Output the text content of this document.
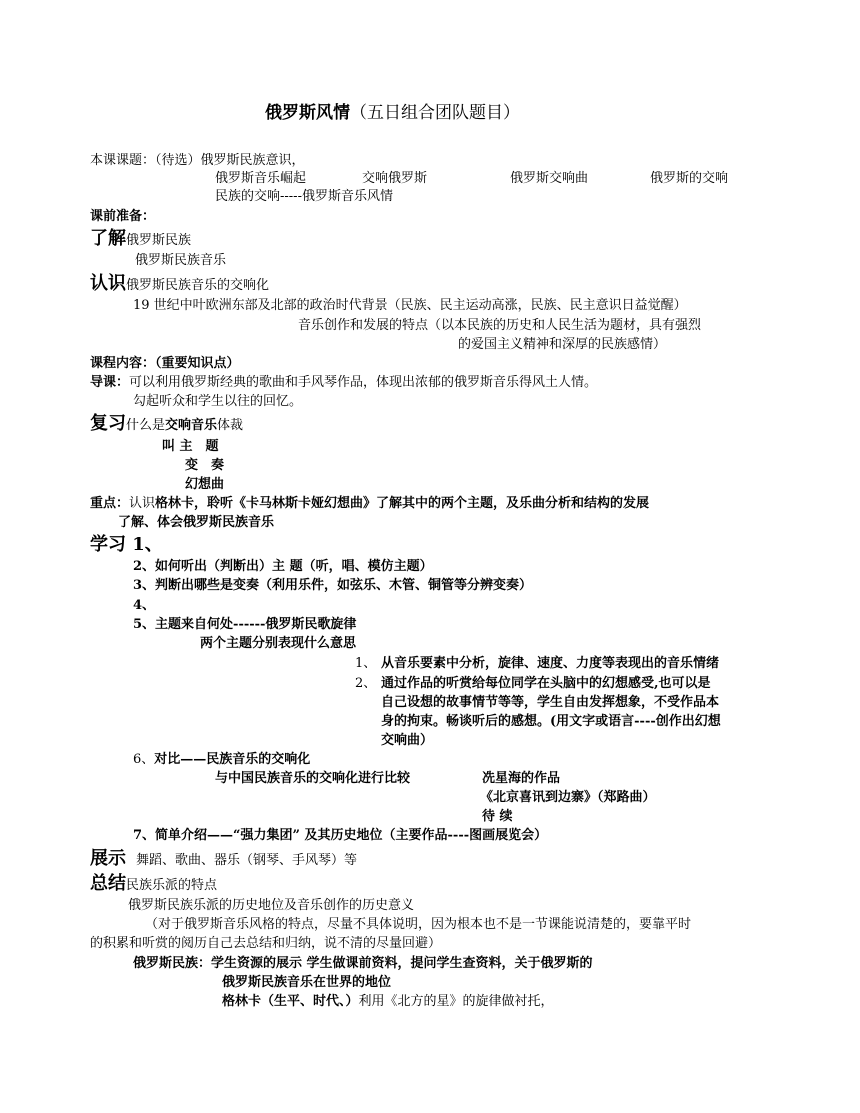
俄罗斯风情（五日组合团队题目）
本课课题：（待选）俄罗斯民族意识，
俄罗斯音乐崛起	交响俄罗斯	俄罗斯交响曲	俄罗斯的交响
民族的交响-----俄罗斯音乐风情
课前准备：
了解俄罗斯民族
俄罗斯民族音乐
认识俄罗斯民族音乐的交响化
19 世纪中叶欧洲东部及北部的政治时代背景（民族、民主运动高涨，民族、民主意识日益觉醒）
音乐创作和发展的特点（以本民族的历史和人民生活为题材，具有强烈
的爱国主义精神和深厚的民族感情）
课程内容：（重要知识点）
导课：可以利用俄罗斯经典的歌曲和手风琴作品，体现出浓郁的俄罗斯音乐得风土人情。
勾起听众和学生以往的回忆。
复习什么是交响音乐体裁
叫 主　题
变　奏
幻想曲
重点：认识格林卡，聆听《卡马林斯卡娅幻想曲》了解其中的两个主题，及乐曲分析和结构的发展
了解、体会俄罗斯民族音乐
学习 1、
2、如何听出（判断出）主 题（听，唱、模仿主题）
3、判断出哪些是变奏（利用乐件，如弦乐、木管、铜管等分辨变奏）
4、
5、主题来自何处------俄罗斯民歌旋律
两个主题分别表现什么意思
1、 从音乐要素中分析，旋律、速度、力度等表现出的音乐情绪
2、 通过作品的听赏给每位同学在头脑中的幻想感受,也可以是
自己设想的故事情节等等，学生自由发挥想象，不受作品本
身的拘束。畅谈听后的感想。(用文字或语言----创作出幻想
交响曲）
6、对比——民族音乐的交响化
与中国民族音乐的交响化进行比较	冼星海的作品
《北京喜讯到边寨》（郑路曲）
待 续
7、简单介绍——“强力集团” 及其历史地位（主要作品----图画展览会）
展示 舞蹈、歌曲、器乐（钢琴、手风琴）等
总结民族乐派的特点
俄罗斯民族乐派的历史地位及音乐创作的历史意义
（对于俄罗斯音乐风格的特点，尽量不具体说明，因为根本也不是一节课能说清楚的，要靠平时
的积累和听赏的阅历自己去总结和归纳，说不清的尽量回避）
俄罗斯民族：学生资源的展示 学生做课前资料，提问学生查资料，关于俄罗斯的
俄罗斯民族音乐在世界的地位
格林卡（生平、时代、）利用《北方的星》的旋律做衬托，
